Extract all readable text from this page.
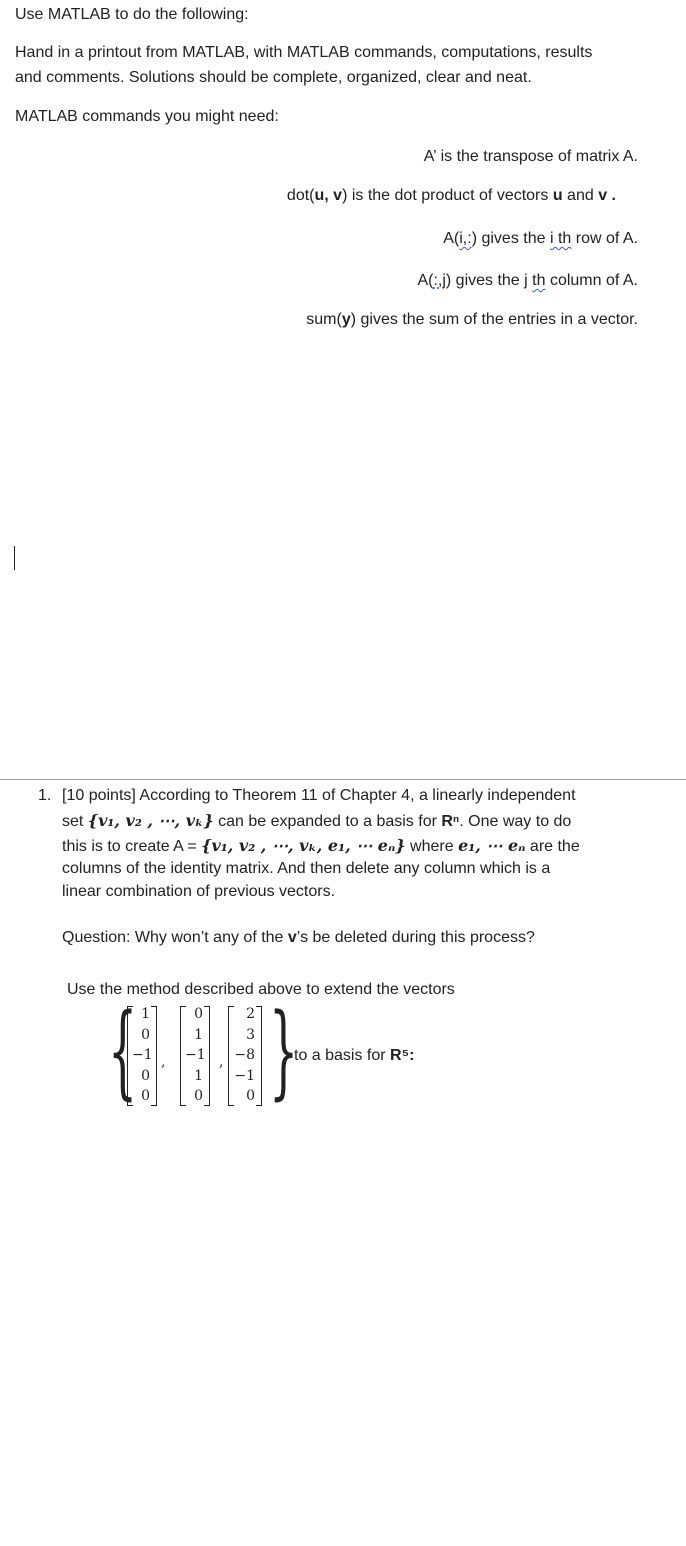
Use MATLAB to do the following:
Hand in a printout from MATLAB, with MATLAB commands, computations, results
and comments. Solutions should be complete, organized, clear and neat.
MATLAB commands you might need:
A’ is the transpose of matrix A.
dot(u, v) is the dot product of vectors u and v .
A(i,:) gives the i th row of A.
A(:,j) gives the j th column of A.
sum(y) gives the sum of the entries in a vector.
1. [10 points] According to Theorem 11 of Chapter 4, a linearly independent
set {v₁, v₂ , ⋯, vₖ} can be expanded to a basis for Rⁿ. One way to do
this is to create A = {v₁, v₂ , ⋯, vₖ, e₁, ⋯ eₙ} where e₁, ⋯ eₙ are the
columns of the identity matrix. And then delete any column which is a
linear combination of previous vectors.
Question: Why won’t any of the v’s be deleted during this process?
Use the method described above to extend the vectors
{ 1
0
−1
0
0
,
0
1
−1
1
0
,
2
3
−8
−1
0 }
to a basis for R⁵:
